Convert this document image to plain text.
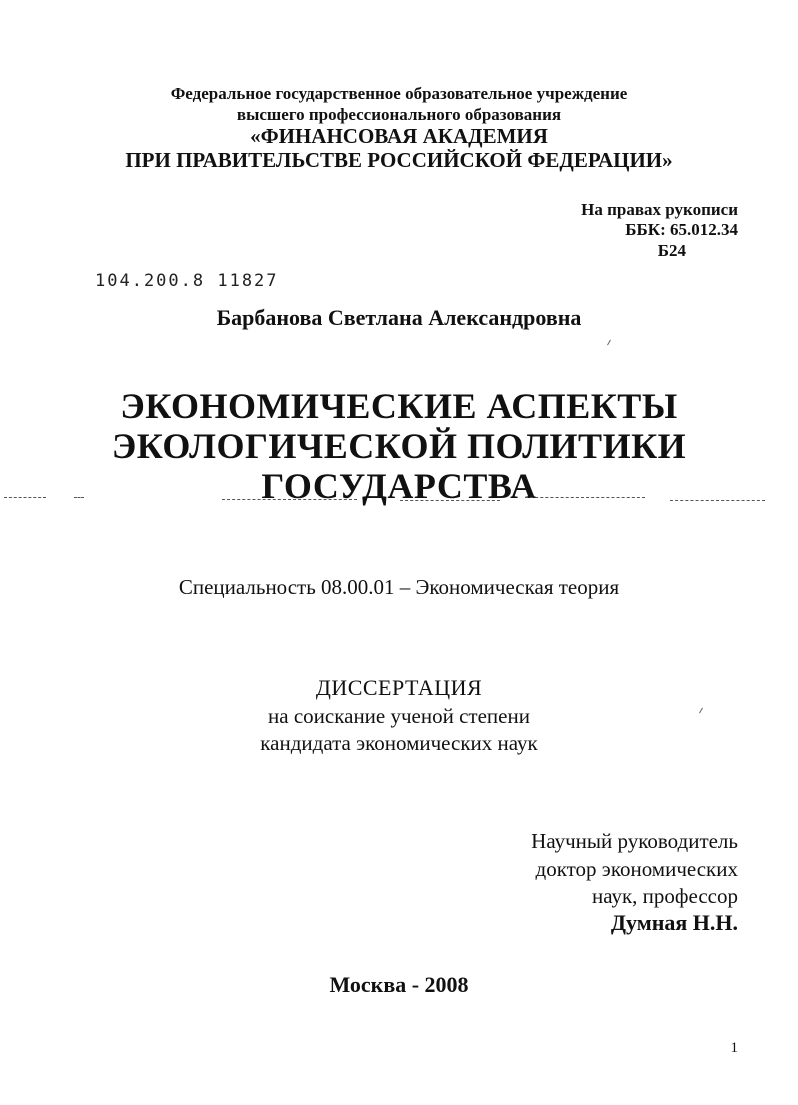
Федеральное государственное образовательное учреждение
высшего профессионального образования
«ФИНАНСОВАЯ АКАДЕМИЯ
ПРИ ПРАВИТЕЛЬСТВЕ РОССИЙСКОЙ ФЕДЕРАЦИИ»
На правах рукописи
ББК: 65.012.34
Б24
104.200.8 11827
Барбанова Светлана Александровна
ЭКОНОМИЧЕСКИЕ АСПЕКТЫ
ЭКОЛОГИЧЕСКОЙ ПОЛИТИКИ
ГОСУДАРСТВА
Специальность 08.00.01 – Экономическая теория
ДИССЕРТАЦИЯ
на соискание ученой степени
кандидата экономических наук
Научный руководитель
доктор экономических
наук, профессор
Думная Н.Н.
Москва - 2008
1
